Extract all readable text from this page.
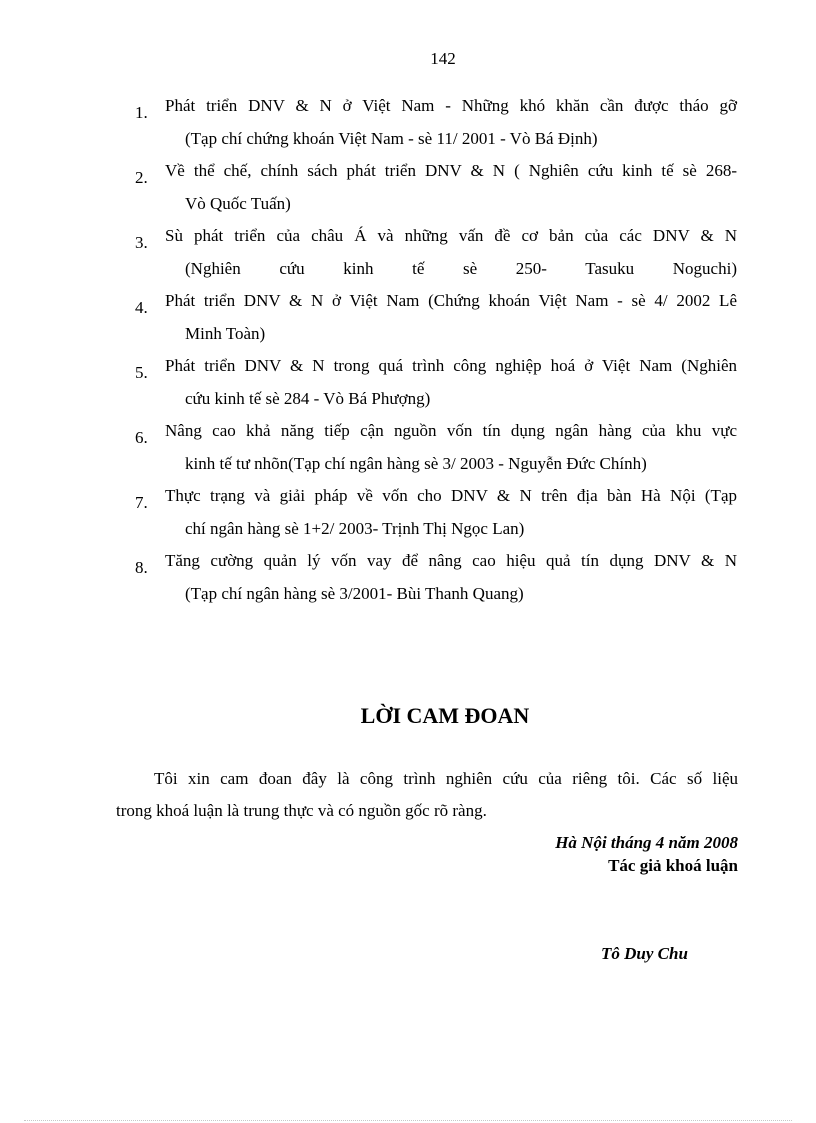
142
1. Phát triển DNV & N ở Việt Nam - Những khó khăn cần được tháo gỡ
(Tạp chí chứng khoán Việt Nam - sè 11/ 2001 - Vò Bá Định)
2. Về thể chế, chính sách phát triển DNV & N ( Nghiên cứu kinh tế sè 268-
Vò Quốc Tuấn)
3. Sù phát triển của châu Á và những vấn đề cơ bản của các DNV & N
(Nghiên cứu kinh tế sè 250- Tasuku Noguchi)
4. Phát triển DNV & N ở Việt Nam (Chứng khoán Việt Nam - sè 4/ 2002 Lê
Minh Toàn)
5. Phát triển DNV & N trong quá trình công nghiệp hoá ở Việt Nam (Nghiên
cứu kinh tế sè 284 - Vò Bá Phượng)
6. Nâng cao khả năng tiếp cận nguồn vốn tín dụng ngân hàng của khu vực
kinh tế tư nhõn(Tạp chí ngân hàng sè 3/ 2003 - Nguyễn Đức Chính)
7. Thực trạng và giải pháp về vốn cho DNV & N trên địa bàn Hà Nội (Tạp
chí ngân hàng sè 1+2/ 2003- Trịnh Thị Ngọc Lan)
8. Tăng cường quản lý vốn vay để nâng cao hiệu quả tín dụng DNV & N
(Tạp chí ngân hàng sè 3/2001- Bùi Thanh Quang)
LỜI CAM ĐOAN
Tôi xin cam đoan đây là công trình nghiên cứu của riêng tôi. Các số liệu
trong khoá luận là trung thực và có nguồn gốc rõ ràng.
Hà Nội tháng 4 năm 2008
Tác giả khoá luận
Tô Duy Chu
